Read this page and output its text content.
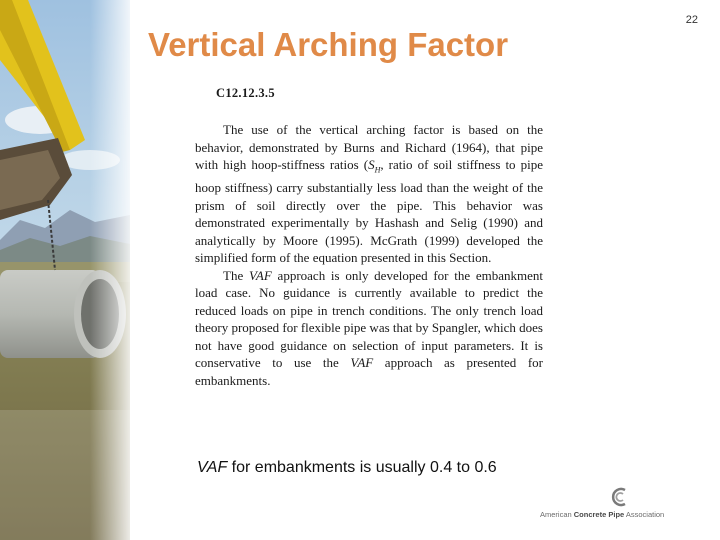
22
Vertical Arching Factor

C12.12.3.5

The use of the vertical arching factor is based on the behavior, demonstrated by Burns and Richard (1964), that pipe with high hoop-stiffness ratios ($S_H$, ratio of soil stiffness to pipe hoop stiffness) carry substantially less load than the weight of the prism of soil directly over the pipe. This behavior was demonstrated experimentally by Hashash and Selig (1990) and analytically by Moore (1995). McGrath (1999) developed the simplified form of the equation presented in this Section.

The VAF approach is only developed for the embankment load case. No guidance is currently available to predict the reduced loads on pipe in trench conditions. The only trench load theory proposed for flexible pipe was that by Spangler, which does not have good guidance on selection of input parameters. It is conservative to use the VAF approach as presented for embankments.

VAF for embankments is usually 0.4 to 0.6
American Concrete Pipe Association
